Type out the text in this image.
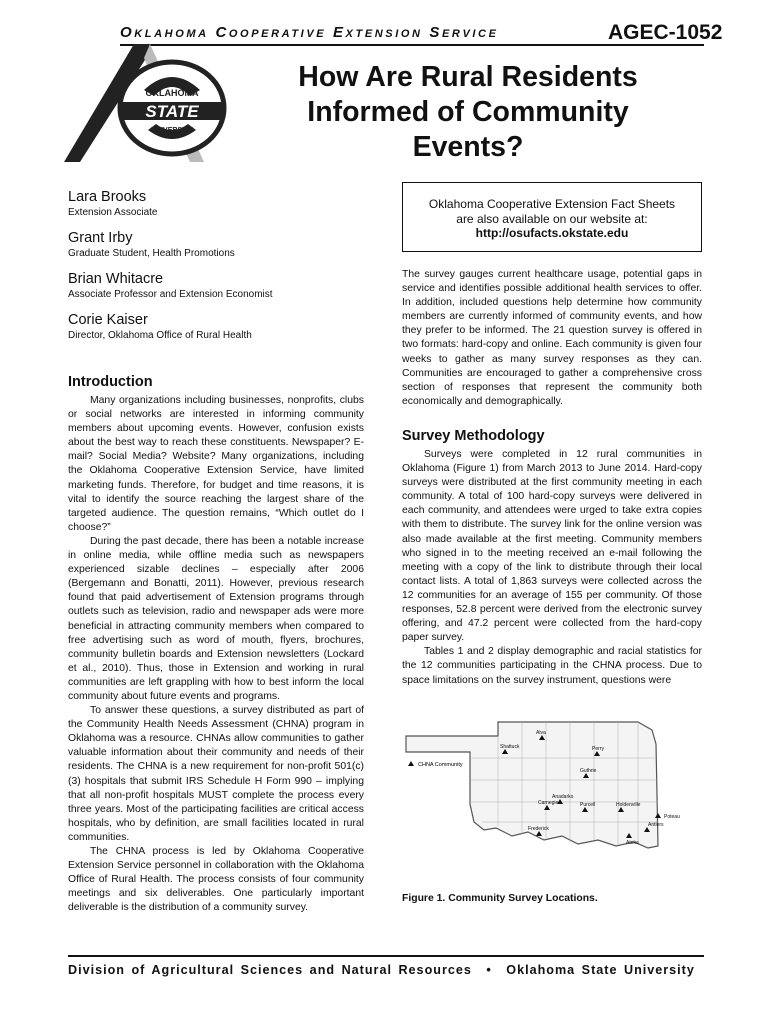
Oklahoma Cooperative Extension Service	AGEC-1052
OKLAHOMA
STATE
UNIVERSITY
How Are Rural Residents Informed of Community Events?
Lara Brooks
Extension Associate
Grant Irby
Graduate Student, Health Promotions
Brian Whitacre
Associate Professor and Extension Economist
Corie Kaiser
Director, Oklahoma Office of Rural Health
Introduction

Many organizations including businesses, nonprofits, clubs or social networks are interested in informing community members about upcoming events. However, confusion exists about the best way to reach these constituents. Newspaper? E-mail? Social Media? Website? Many organizations, including the Oklahoma Cooperative Extension Service, have limited marketing funds. Therefore, for budget and time reasons, it is vital to identify the source reaching the largest share of the targeted audience. The question remains, “Which outlet do I choose?”

During the past decade, there has been a notable increase in online media, while offline media such as newspapers experienced sizable declines – especially after 2006 (Bergemann and Bonatti, 2011). However, previous research found that paid advertisement of Extension programs through outlets such as television, radio and newspaper ads were more beneficial in attracting community members when compared to free advertising such as word of mouth, flyers, brochures, community bulletin boards and Extension newsletters (Lockard et al., 2010). Thus, those in Extension and working in rural communities are left grappling with how to best inform the local community about future events and programs.

To answer these questions, a survey distributed as part of the Community Health Needs Assessment (CHNA) program in Oklahoma was a resource. CHNAs allow communities to gather valuable information about their community and needs of their residents. The CHNA is a new requirement for non-profit 501(c)(3) hospitals that submit IRS Schedule H Form 990 – implying that all non-profit hospitals MUST complete the process every three years. Most of the participating facilities are critical access hospitals, who by definition, are small facilities located in rural communities.

The CHNA process is led by Oklahoma Cooperative Extension Service personnel in collaboration with the Oklahoma Office of Rural Health. The process consists of four community meetings and six deliverables. One particularly important deliverable is the distribution of a community survey.

Oklahoma Cooperative Extension Fact Sheets
are also available on our website at:
http://osufacts.okstate.edu

The survey gauges current healthcare usage, potential gaps in service and identifies possible additional health services to offer. In addition, included questions help determine how community members are currently informed of community events, and how they prefer to be informed. The 21 question survey is offered in two formats: hard-copy and online. Each community is given four weeks to gather as many survey responses as they can. Communities are encouraged to gather a comprehensive cross section of responses that represent the community both economically and demographically.

Survey Methodology

Surveys were completed in 12 rural communities in Oklahoma (Figure 1) from March 2013 to June 2014. Hard-copy surveys were distributed at the first community meeting in each community. A total of 100 hard-copy surveys were delivered in each community, and attendees were urged to take extra copies with them to distribute. The survey link for the online version was also made available at the first meeting. Community members who signed in to the meeting received an e-mail following the meeting with a copy of the link to distribute through their local contact lists. A total of 1,863 surveys were collected across the 12 communities for an average of 155 per community. Of those responses, 52.8 percent were derived from the electronic survey offering, and 47.2 percent were collected from the hard-copy paper survey.

Tables 1 and 2 display demographic and racial statistics for the 12 communities participating in the CHNA process. Due to space limitations on the survey instrument, questions were

CHNA Community
Alva
Shattuck	Perry
Guthrie
Anadarko
Carnegie	Purcell	Holdenville
Poteau
Frederick
Atoka
Antlers
Figure 1. Community Survey Locations.
Division of Agricultural Sciences and Natural Resources • Oklahoma State University
